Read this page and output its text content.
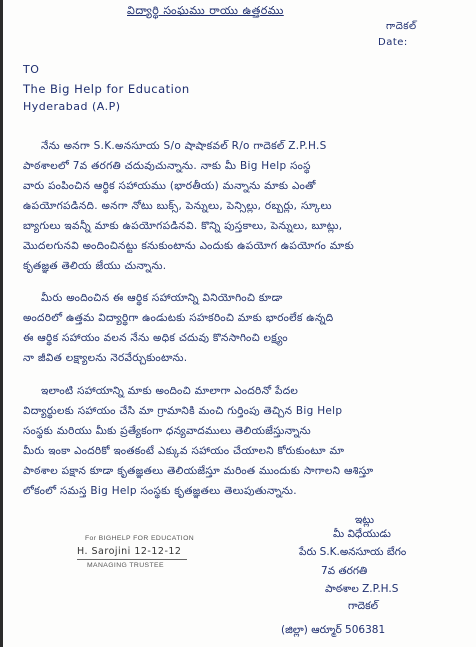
విద్యార్థి సంఘము రాయు ఉత్తరము
గాదెకల్
Date:
TO
The Big Help for Education
Hyderabad (A.P)
నేను అనగా S.K.అనసూయ S/o షాషాకవల్ R/o గాదెకల్ Z.P.H.S
పాఠశాలలో 7వ తరగతి చదువుచున్నాను. నాకు మీ Big Help సంస్థ
వారు పంపించిన ఆర్థిక సహాయము (భారతీయ) మన్నాను మాకు ఎంతో
ఉపయోగపడినది. అనగా నోటు బుక్స్, పెన్నులు, పెన్సిల్లు, రబ్బర్లు, స్కూలు
బ్యాగులు ఇవన్నీ మాకు ఉపయోగపడినవి. కొన్ని పుస్తకాలు, పెన్నులు, బూట్లు,
మొదలగునవి అందించినట్టు కనుకుంటాను ఎందుకు ఉపయోగ ఉపయోగం మాకు
కృతజ్ఞత తెలియ జేయు చున్నాను.
మీరు అందించిన ఈ ఆర్థిక సహాయాన్ని వినియోగించి కూడా
అందరిలో ఉత్తమ విద్యార్థిగా ఉండుటకు సహకరించి మాకు భారంలేక ఉన్నది
ఈ ఆర్థిక సహాయం వలన నేను అధిక చదువు కొనసాగించి లక్ష్యం
నా జీవిత లక్ష్యాలను నెరవేర్చుకుంటాను.
ఇలాంటి సహాయాన్ని మాకు అందించి మాలాగా ఎందరినో పేదల
విద్యార్థులకు సహాయం చేసి మా గ్రామానికి మంచి గుర్తింపు తెచ్చిన Big Help
సంస్థకు మరియు మీకు ప్రత్యేకంగా ధన్యవాదములు తెలియజేస్తున్నాను
మీరు ఇంకా ఎందరికో ఇంతకంటే ఎక్కువ సహాయం చేయాలని కోరుకుంటూ మా
పాఠశాల పక్షాన కూడా కృతజ్ఞతలు తెలియజేస్తూ మరింత ముందుకు సాగాలని ఆశిస్తూ
లోకంలో సమస్త Big Help సంస్థకు కృతజ్ఞతలు తెలుపుతున్నాను.
For BIGHELP FOR EDUCATION
H. Sarojini 12-12-12
MANAGING TRUSTEE
ఇట్లు
మీ విధేయుడు
పేరు S.K.అనసూయ బేగం
7వ తరగతి
పాఠశాల Z.P.H.S
గాదెకల్
(జిల్లా) ఆర్మూర్ 506381
